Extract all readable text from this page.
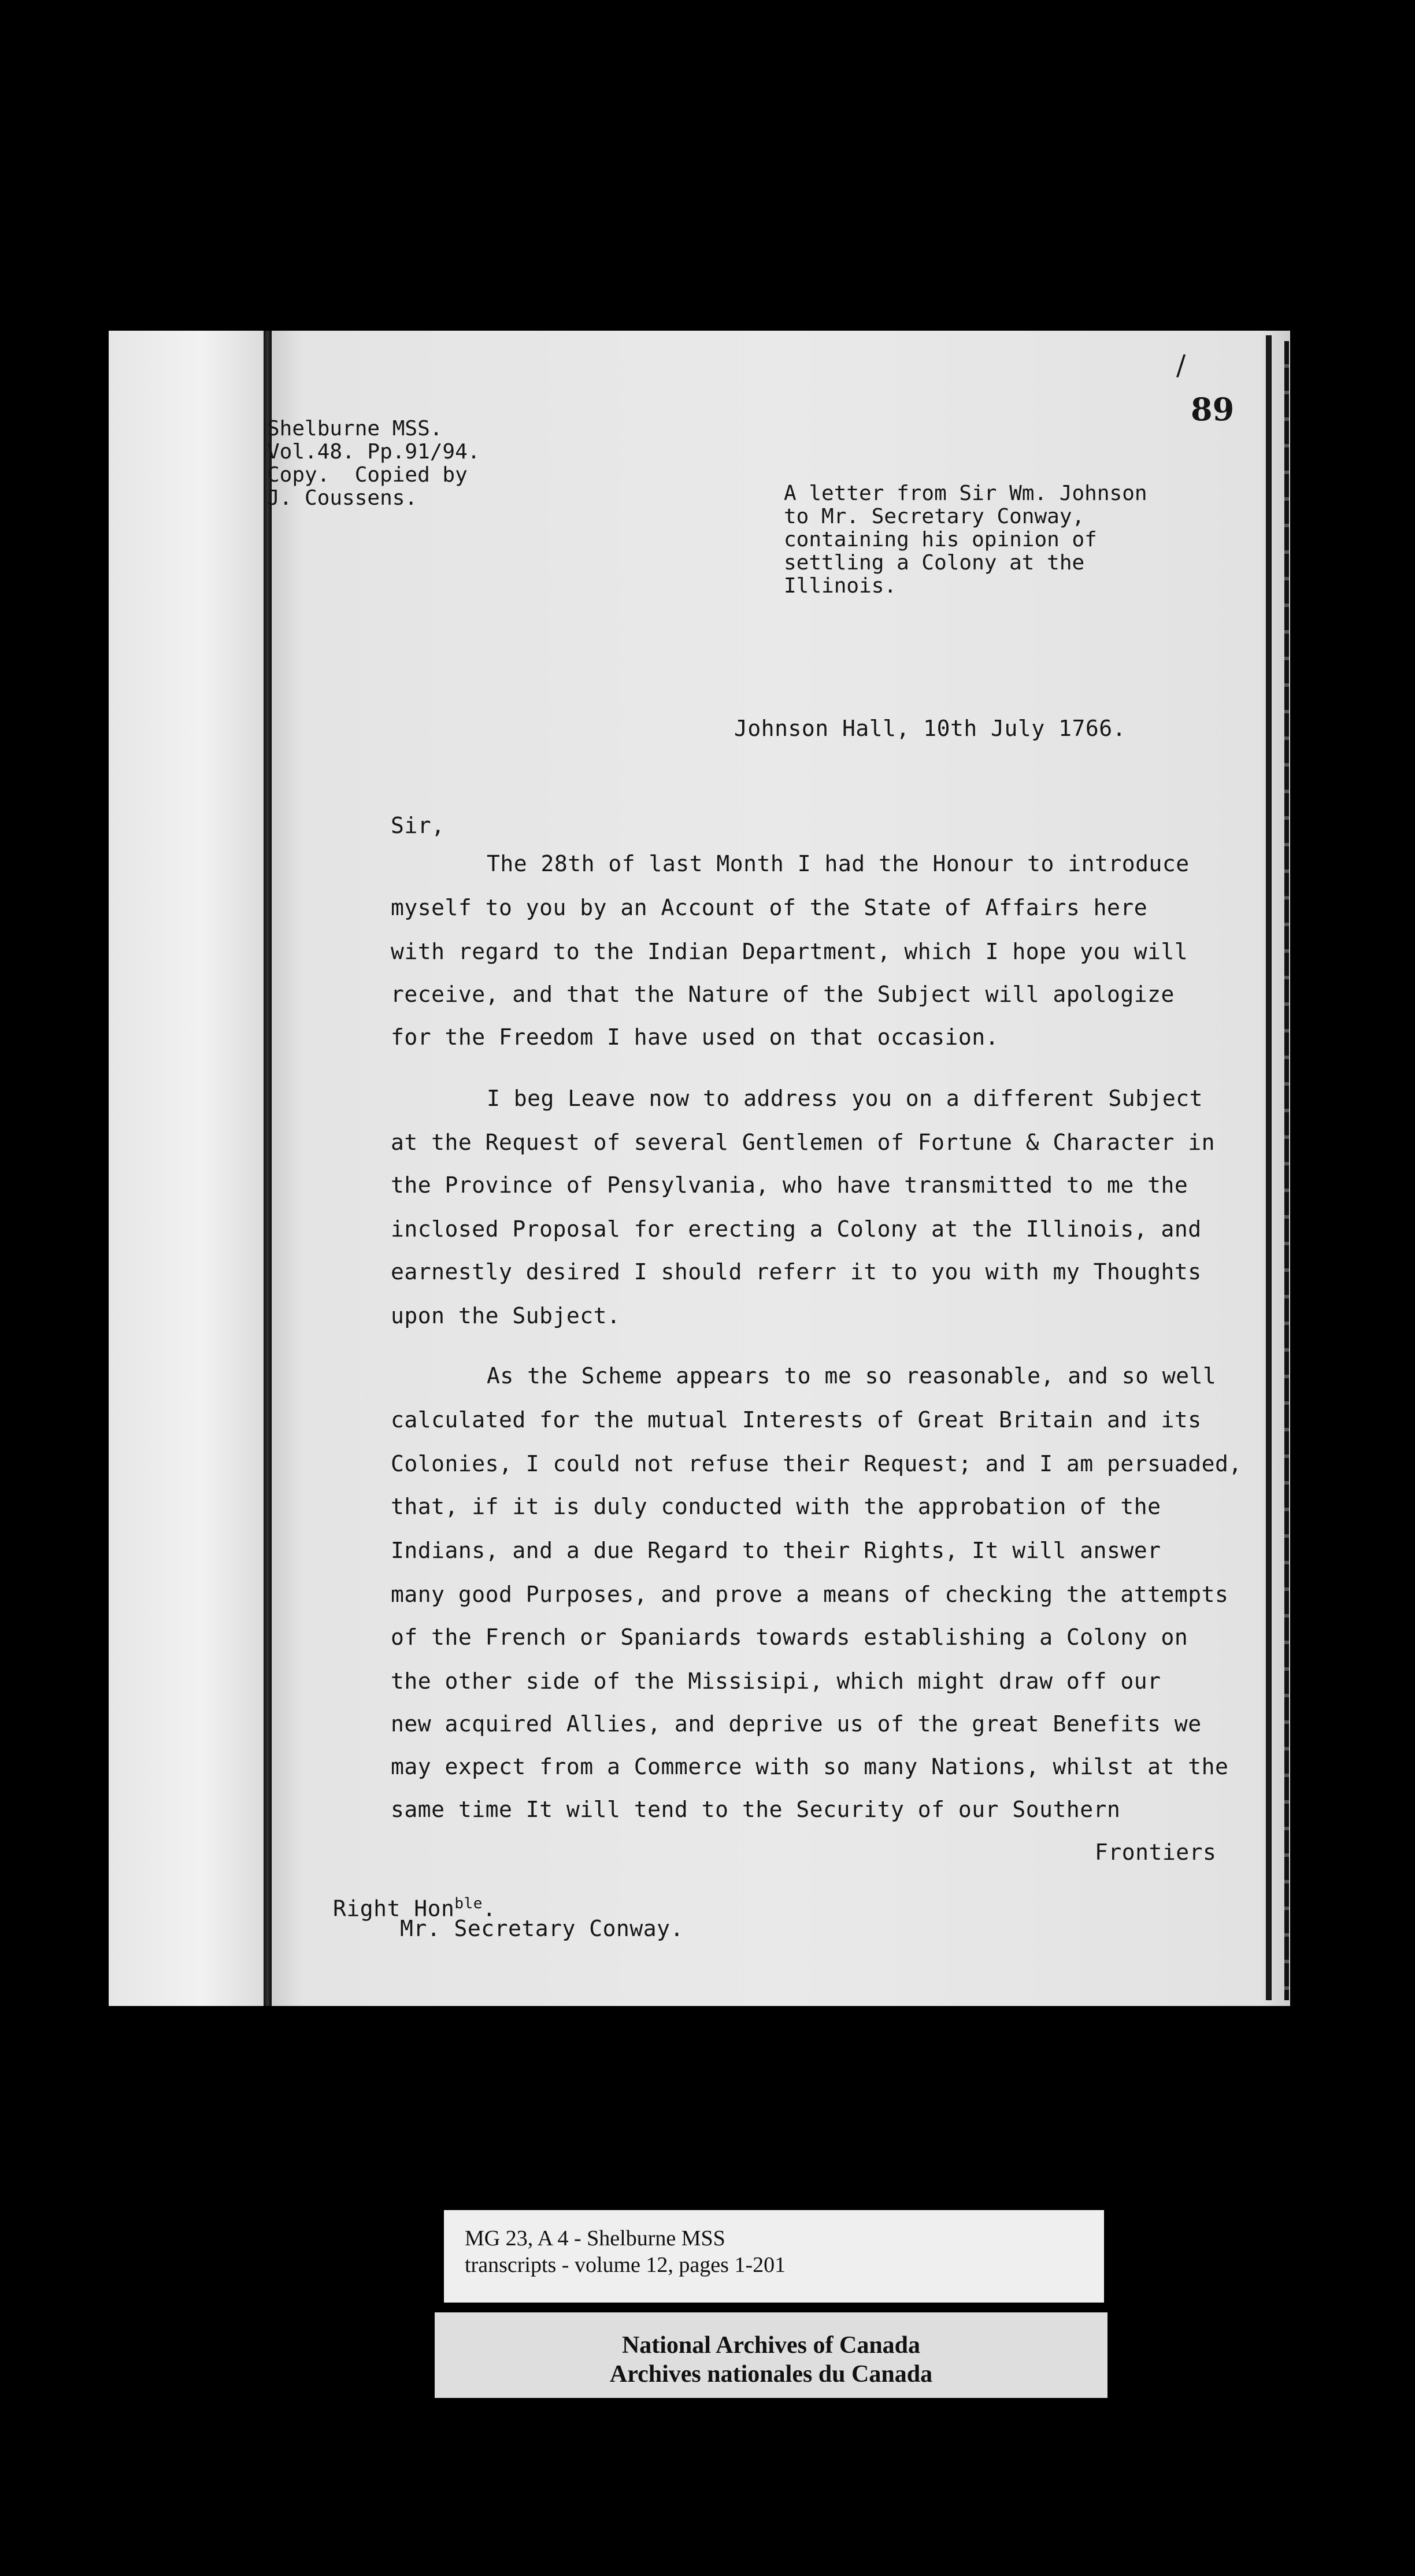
/
89
Shelburne MSS.
Vol.48. Pp.91/94.
Copy.  Copied by
J. Coussens.	A letter from Sir Wm. Johnson
to Mr. Secretary Conway,
containing his opinion of
settling a Colony at the
Illinois.
Johnson Hall, 10th July 1766.
Sir,
The 28th of last Month I had the Honour to introduce
myself to you by an Account of the State of Affairs here
with regard to the Indian Department, which I hope you will
receive, and that the Nature of the Subject will apologize
for the Freedom I have used on that occasion.
I beg Leave now to address you on a different Subject
at the Request of several Gentlemen of Fortune & Character in
the Province of Pensylvania, who have transmitted to me the
inclosed Proposal for erecting a Colony at the Illinois, and
earnestly desired I should referr it to you with my Thoughts
upon the Subject.
As the Scheme appears to me so reasonable, and so well
calculated for the mutual Interests of Great Britain and its
Colonies, I could not refuse their Request; and I am persuaded,
that, if it is duly conducted with the approbation of the
Indians, and a due Regard to their Rights, It will answer
many good Purposes, and prove a means of checking the attempts
of the French or Spaniards towards establishing a Colony on
the other side of the Missisipi, which might draw off our
new acquired Allies, and deprive us of the great Benefits we
may expect from a Commerce with so many Nations, whilst at the
same time It will tend to the Security of our Southern
Frontiers
Right Hon$^{ble}$.
Mr. Secretary Conway.
MG 23, A 4 - Shelburne MSS
transcripts - volume 12, pages 1-201
National Archives of Canada
Archives nationales du Canada
